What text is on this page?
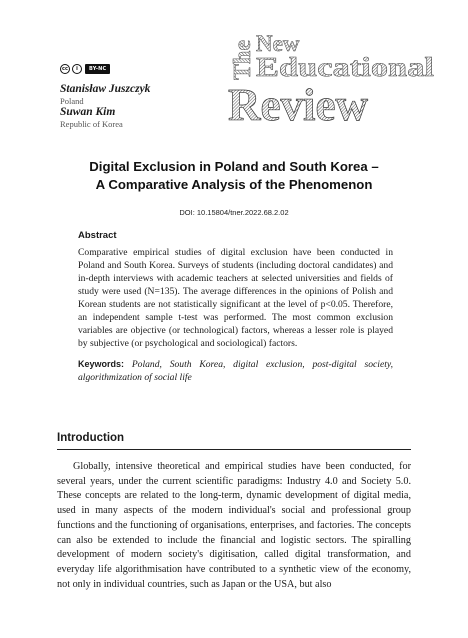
cc	i	BY-NC
Stanisław Juszczyk
Poland
Suwan Kim
Republic of Korea
The New
Educational
Review
Digital Exclusion in Poland and South Korea –
A Comparative Analysis of the Phenomenon
DOI: 10.15804/tner.2022.68.2.02
Abstract

Comparative empirical studies of digital exclusion have been conducted in Poland and South Korea. Surveys of students (including doctoral candidates) and in-depth interviews with academic teachers at selected universities and fields of study were used (N=135). The average differences in the opinions of Polish and Korean students are not statistically significant at the level of p<0.05. Therefore, an independent sample t-test was performed. The most common exclusion variables are objective (or technological) factors, whereas a lesser role is played by subjective (or psychological and sociological) factors.

Keywords: Poland, South Korea, digital exclusion, post-digital society, algorithmization of social life
Introduction

Globally, intensive theoretical and empirical studies have been conducted, for several years, under the current scientific paradigms: Industry 4.0 and Society 5.0. These concepts are related to the long-term, dynamic development of digital media, used in many aspects of the modern individual's social and professional group functions and the functioning of organisations, enterprises, and factories. The concepts can also be extended to include the financial and logistic sectors. The spiralling development of modern society's digitisation, called digital transformation, and everyday life algorithmisation have contributed to a synthetic view of the economy, not only in individual countries, such as Japan or the USA, but also
